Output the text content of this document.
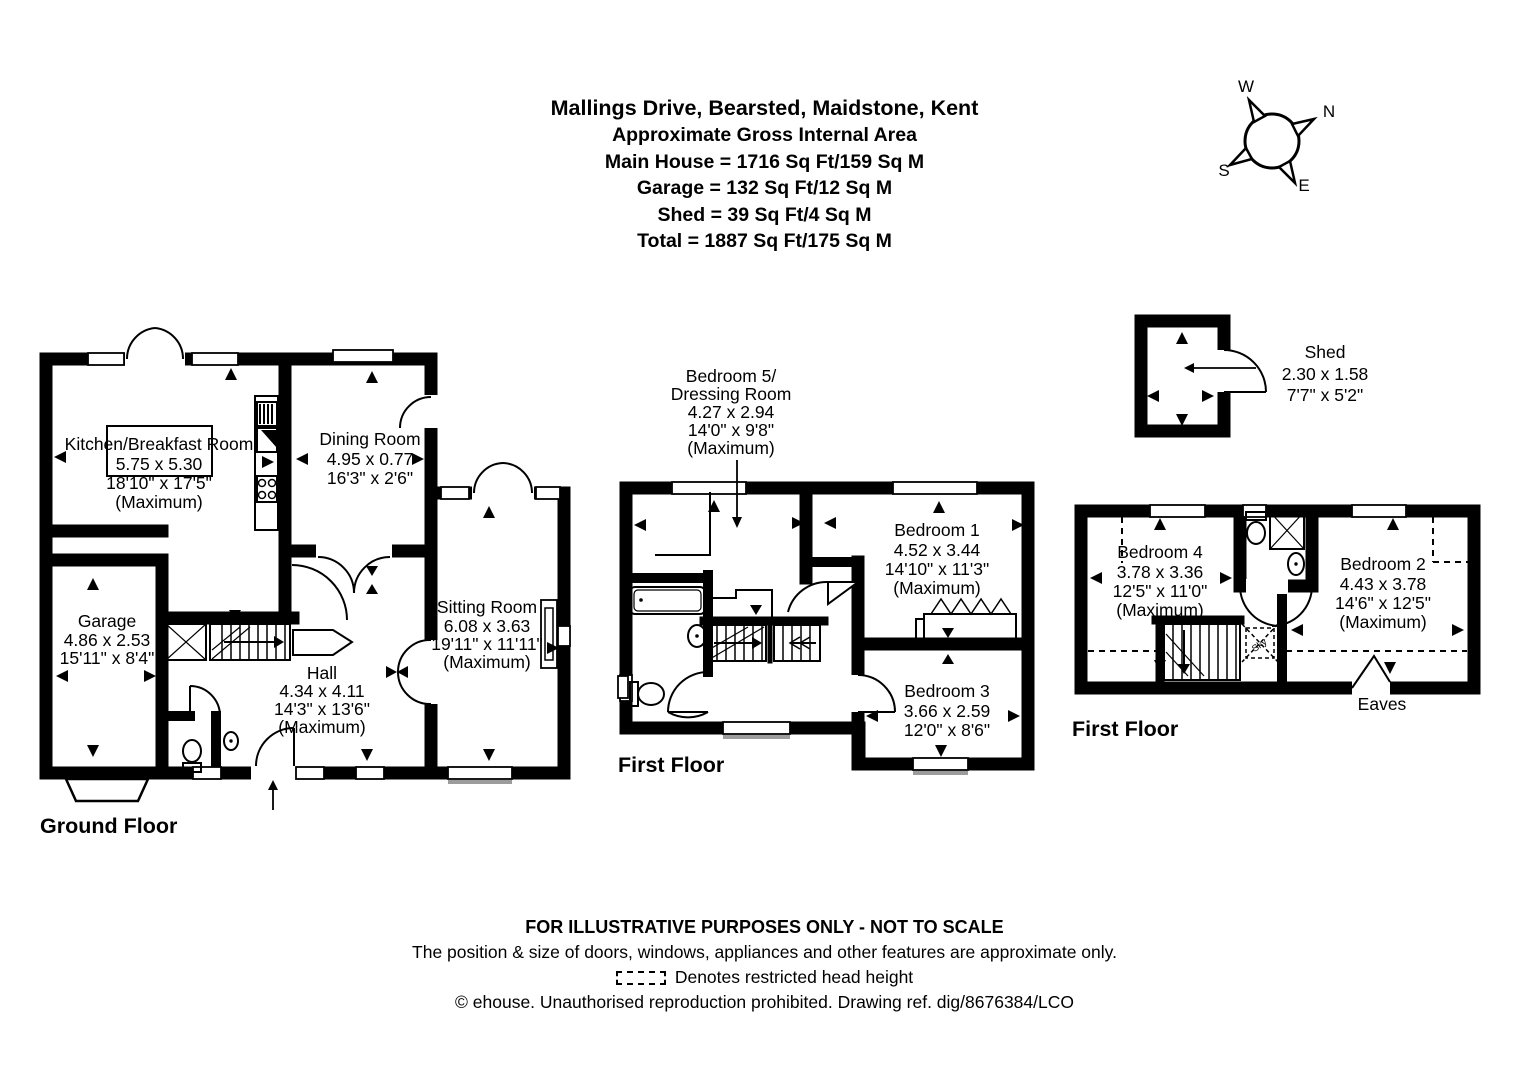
Mallings Drive, Bearsted, Maidstone, Kent
Approximate Gross Internal Area
Main House = 1716 Sq Ft/159 Sq M
Garage = 132 Sq Ft/12 Sq M
Shed = 39 Sq Ft/4 Sq M
Total = 1887 Sq Ft/175 Sq M
W
N
S
E
Kitchen/Breakfast Room
5.75 x 5.30
18'10" x 17'5"
(Maximum)
Dining Room
4.95 x 0.77
16'3" x 2'6"
Sitting Room
6.08 x 3.63
19'11" x 11'11"
(Maximum)
Garage
4.86 x 2.53
15'11" x 8'4"
Hall
4.34 x 4.11
14'3" x 13'6"
(Maximum)
Ground Floor
Bedroom 5/
Dressing Room
4.27 x 2.94
14'0" x 9'8"
(Maximum)
Bedroom 1
4.52 x 3.44
14'10" x 11'3"
(Maximum)
Bedroom 3
3.66 x 2.59
12'0" x 8'6"
First Floor
Sky
Bedroom 4
3.78 x 3.36
12'5" x 11'0"
(Maximum)
Bedroom 2
4.43 x 3.78
14'6" x 12'5"
(Maximum)
Eaves
First Floor
Shed
2.30 x 1.58
7'7" x 5'2"
FOR ILLUSTRATIVE PURPOSES ONLY - NOT TO SCALE
The position & size of doors, windows, appliances and other features are approximate only.
Denotes restricted head height
© ehouse. Unauthorised reproduction prohibited. Drawing ref. dig/8676384/LCO
